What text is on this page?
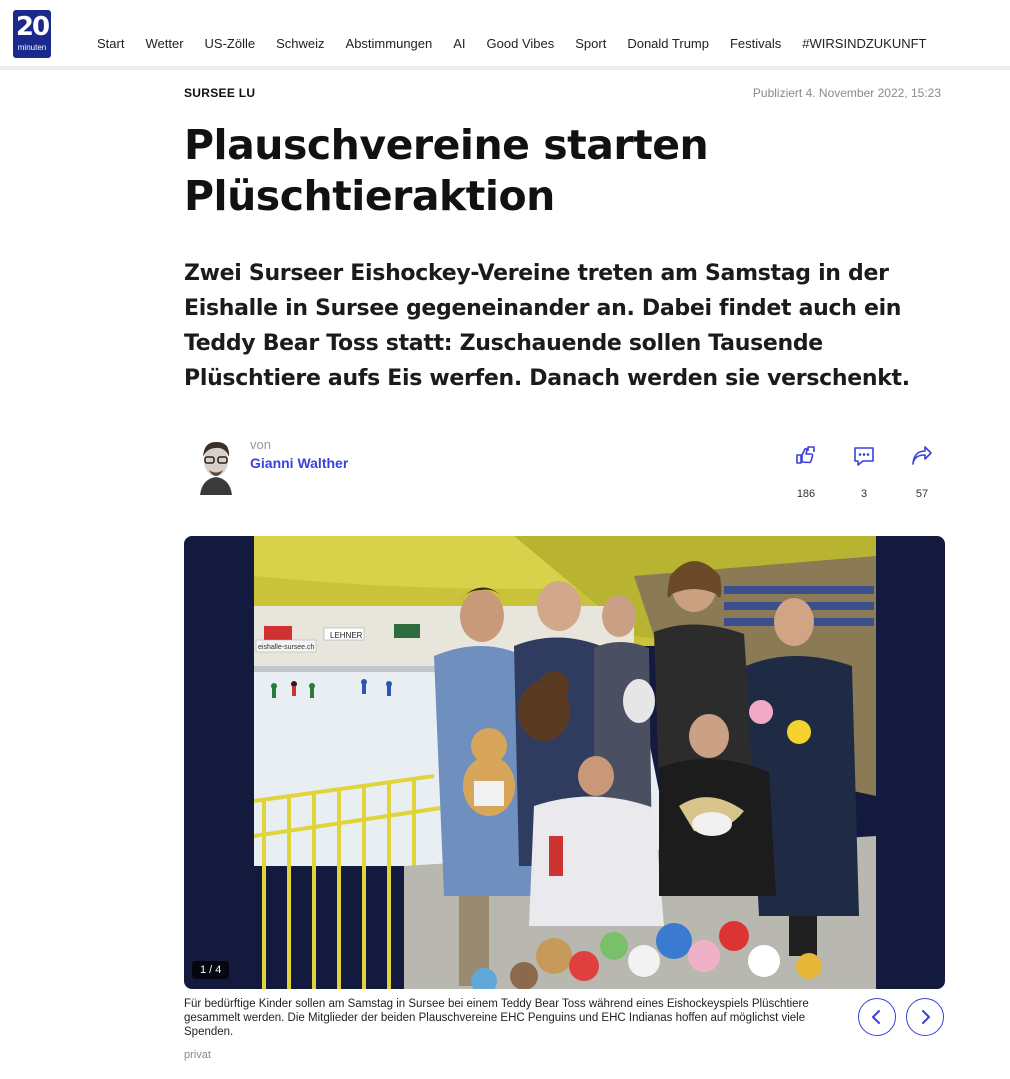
20
minuten	Start Wetter US-Zölle Schweiz Abstimmungen AI Good Vibes Sport Donald Trump Festivals #WIRSINDZUKUNFT
SURSEE LU	Publiziert 4. November 2022, 15:23
Plauschvereine starten
Plüschtieraktion

Zwei Surseer Eishockey-Vereine treten am Samstag in der Eishalle in Sursee gegeneinander an. Dabei findet auch ein Teddy Bear Toss statt: Zuschauende sollen Tausende Plüschtiere aufs Eis werfen. Danach werden sie verschenkt.

von
Gianni Walther
186	3	57
LEHNER
eishalle-sursee.ch
1 / 4

Für bedürftige Kinder sollen am Samstag in Sursee bei einem Teddy Bear Toss während eines Eishockeyspiels Plüschtiere gesammelt werden. Die Mitglieder der beiden Plauschvereine EHC Penguins und EHC Indianas hoffen auf möglichst viele Spenden.

privat
